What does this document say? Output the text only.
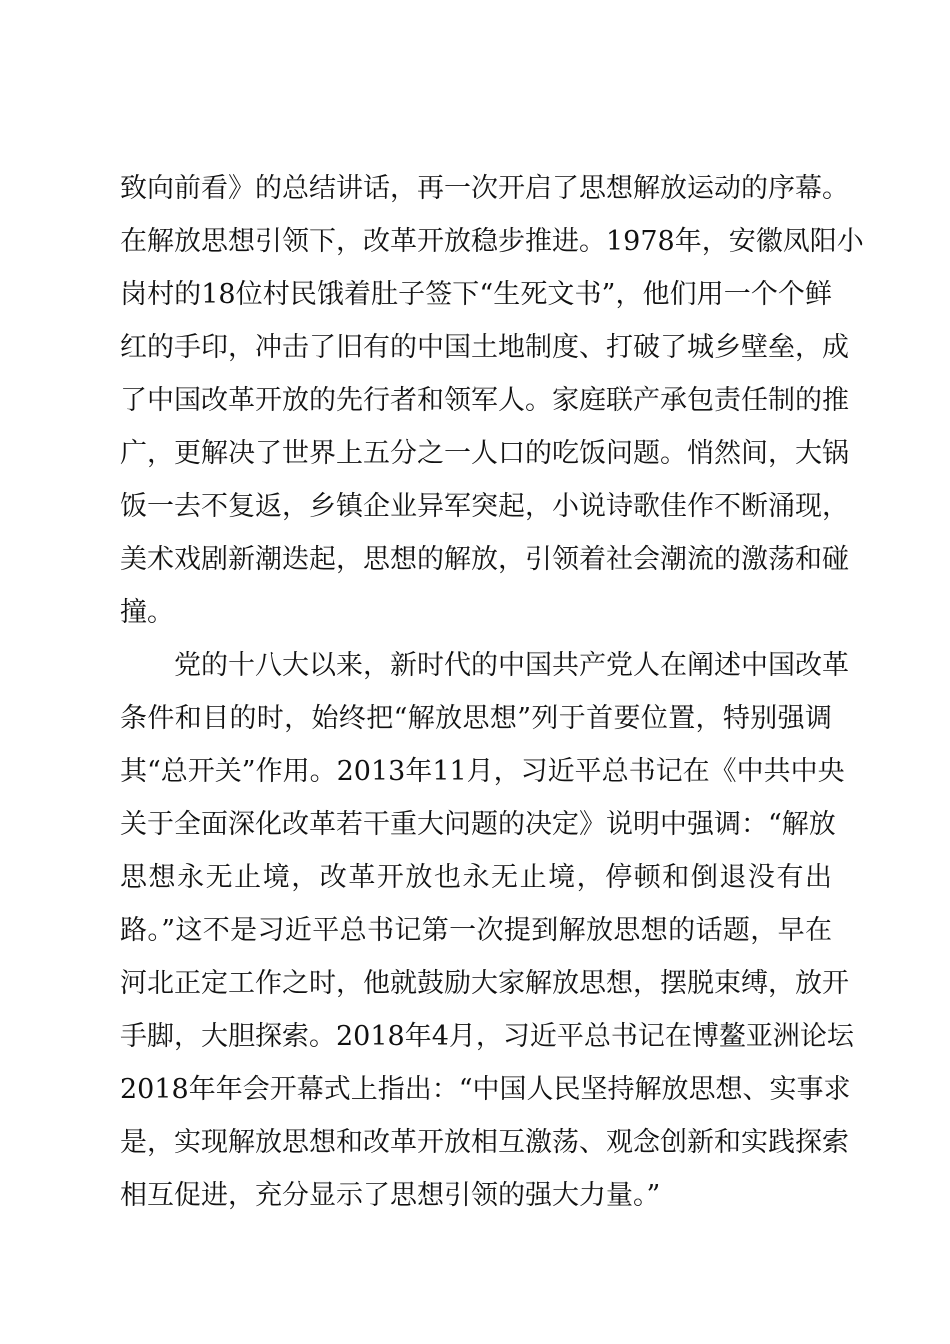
致向前看》的总结讲话，再一次开启了思想解放运动的序幕。
在解放思想引领下，改革开放稳步推进。1978年，安徽凤阳小
岗村的18位村民饿着肚子签下“生死文书”，他们用一个个鲜
红的手印，冲击了旧有的中国土地制度、打破了城乡壁垒，成
了中国改革开放的先行者和领军人。家庭联产承包责任制的推
广，更解决了世界上五分之一人口的吃饭问题。悄然间，大锅
饭一去不复返，乡镇企业异军突起，小说诗歌佳作不断涌现，
美术戏剧新潮迭起，思想的解放，引领着社会潮流的激荡和碰
撞。
党的十八大以来，新时代的中国共产党人在阐述中国改革
条件和目的时，始终把“解放思想”列于首要位置，特别强调
其“总开关”作用。2013年11月，习近平总书记在《中共中央
关于全面深化改革若干重大问题的决定》说明中强调：“解放
思想永无止境，改革开放也永无止境，停顿和倒退没有出
路。”这不是习近平总书记第一次提到解放思想的话题，早在
河北正定工作之时，他就鼓励大家解放思想，摆脱束缚，放开
手脚，大胆探索。2018年4月，习近平总书记在博鳌亚洲论坛
2018年年会开幕式上指出：“中国人民坚持解放思想、实事求
是，实现解放思想和改革开放相互激荡、观念创新和实践探索
相互促进，充分显示了思想引领的强大力量。”
